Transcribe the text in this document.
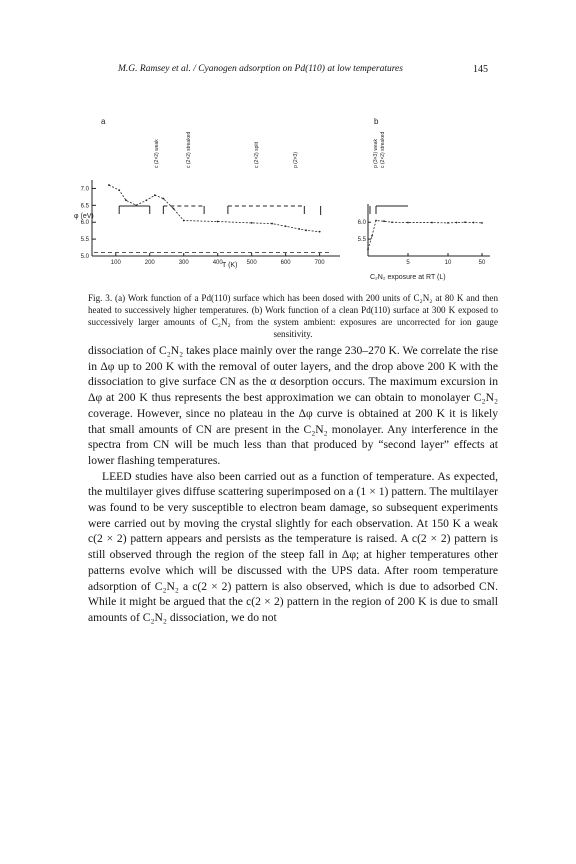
M.G. Ramsey et al. / Cyanogen adsorption on Pd(110) at low temperatures	145
a
φ (eV)
T (K)
5.0
5.5
6.0
6.5
7.0
100	200	300	400	500	600	700
c (2×2) weak	c (2×2) streaked	c (2×2) split	p (2×3)
b
C₂N₂ exposure at RT (L)
5.5
6.0
5	10	50
p (3×3) weak c (2×2) streaked
Fig. 3. (a) Work function of a Pd(110) surface which has been dosed with 200 units of C₂N₂ at 80 K and then heated to successively higher temperatures. (b) Work function of a clean Pd(110) surface at 300 K exposed to successively larger amounts of C₂N₂ from the system ambient: exposures are uncorrected for ion gauge sensitivity.

dissociation of C₂N₂ takes place mainly over the range 230–270 K. We correlate the rise in Δφ up to 200 K with the removal of outer layers, and the drop above 200 K with the dissociation to give surface CN as the α desorption occurs. The maximum excursion in Δφ at 200 K thus represents the best approximation we can obtain to monolayer C₂N₂ coverage. However, since no plateau in the Δφ curve is obtained at 200 K it is likely that small amounts of CN are present in the C₂N₂ monolayer. Any interference in the spectra from CN will be much less than that produced by “second layer” effects at lower flashing temperatures.

LEED studies have also been carried out as a function of temperature. As expected, the multilayer gives diffuse scattering superimposed on a (1 × 1) pattern. The multilayer was found to be very susceptible to electron beam damage, so subsequent experiments were carried out by moving the crystal slightly for each observation. At 150 K a weak c(2 × 2) pattern appears and persists as the temperature is raised. A c(2 × 2) pattern is still observed through the region of the steep fall in Δφ; at higher temperatures other patterns evolve which will be discussed with the UPS data. After room temperature adsorption of C₂N₂ a c(2 × 2) pattern is also observed, which is due to adsorbed CN. While it might be argued that the c(2 × 2) pattern in the region of 200 K is due to small amounts of C₂N₂ dissociation, we do not
